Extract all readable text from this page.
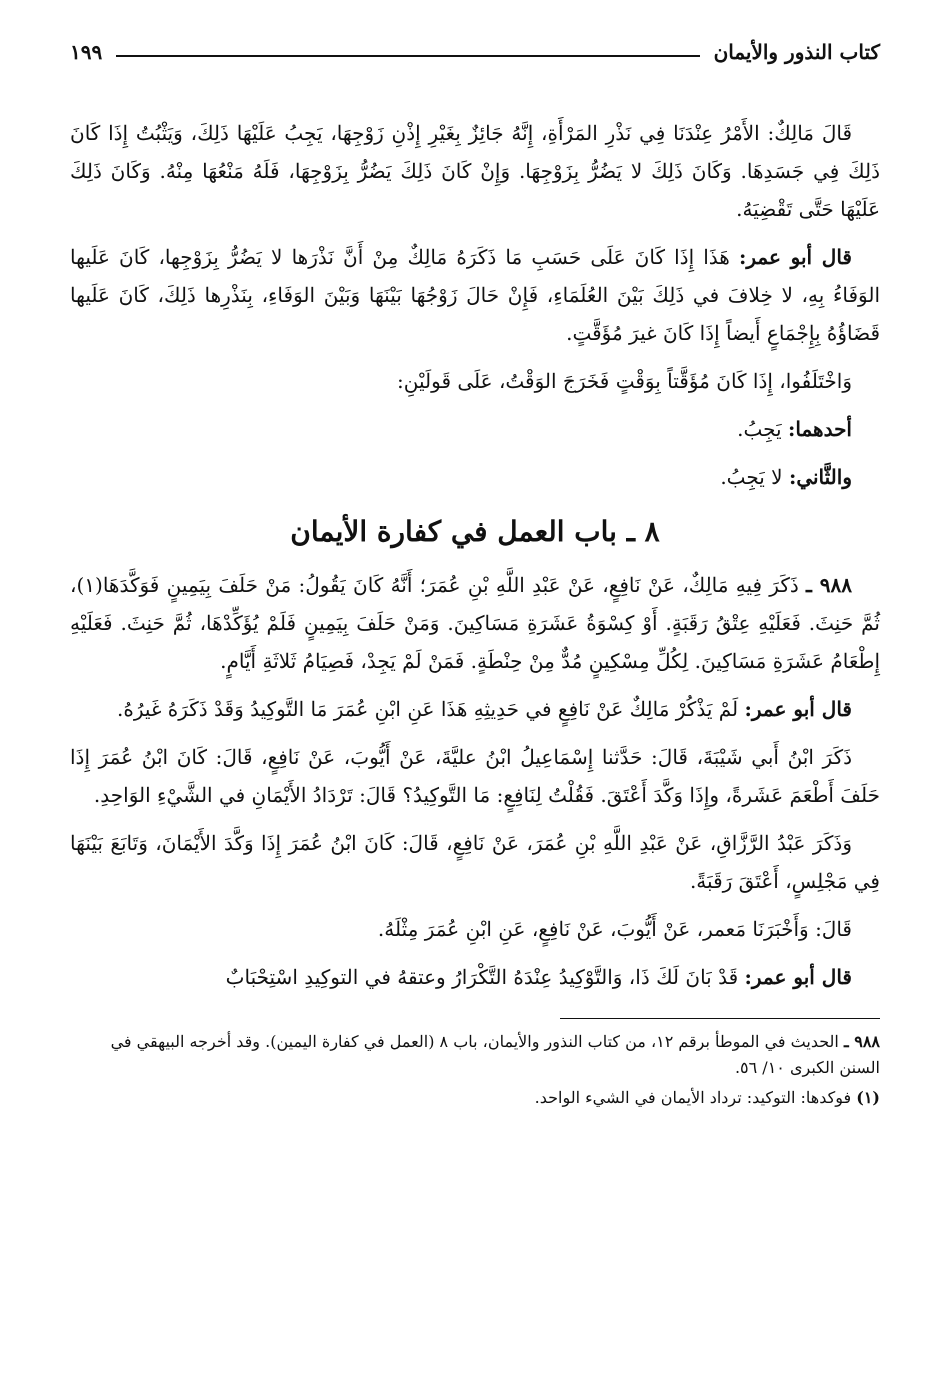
كتاب النذور والأيمان
١٩٩

قَالَ مَالِكٌ: الأَمْرُ عِنْدَنَا فِي نَذْرِ المَرْأَةِ، إِنَّهُ جَائِزٌ بِغَيْرِ إِذْنِ زَوْجِهَا، يَجِبُ عَلَيْهَا ذَلِكَ، وَيَثْبُتُ إِذَا كَانَ ذَلِكَ فِي جَسَدِهَا. وَكَانَ ذَلِكَ لا يَضُرُّ بِزَوْجِهَا. وَإِنْ كَانَ ذَلِكَ يَضُرُّ بِزَوْجِهَا، فَلَهُ مَنْعُهَا مِنْهُ. وَكَانَ ذَلِكَ عَلَيْهَا حَتَّى تَقْضِيَهُ.

قال أبو عمر: هَذَا إِذَا كَانَ عَلَى حَسَبِ مَا ذَكَرَهُ مَالِكٌ مِنْ أَنَّ نَذْرَها لا يَضُرُّ بِزَوْجِها، كَانَ عَلَيها الوَفَاءُ بِهِ، لا خِلافَ في ذَلِكَ بَيْنَ العُلَمَاءِ، فَإِنْ حَالَ زَوْجُهَا بَيْنَهَا وَبَيْنَ الوَفَاءِ، بِنَذْرِها ذَلِكَ، كَانَ عَلَيها قَضَاؤُهُ بِإِجْمَاعٍ أَيضاً إِذَا كَانَ غيرَ مُؤَقَّتٍ.

وَاخْتَلَفُوا، إِذَا كَانَ مُؤَقَّتاً بِوَقْتٍ فَخَرَجَ الوَقْتُ، عَلَى قَولَيْنِ:

أحدهما: يَجِبُ.

والثَّاني: لا يَجِبُ.

٨ ـ باب العمل في كفارة الأيمان

٩٨٨ ـ ذَكَرَ فِيهِ مَالِكٌ، عَنْ نَافِعٍ، عَنْ عَبْدِ اللَّهِ بْنِ عُمَرَ؛ أَنَّهُ كَانَ يَقُولُ: مَنْ حَلَفَ بِيَمِينٍ فَوَكَّدَهَا(١)، ثُمَّ حَنِثَ. فَعَلَيْهِ عِتْقُ رَقَبَةٍ. أَوْ كِسْوَةُ عَشَرَةِ مَسَاكِينَ. وَمَنْ حَلَفَ بِيَمِينٍ فَلَمْ يُؤَكِّدْهَا، ثُمَّ حَنِثَ. فَعَلَيْهِ إِطْعَامُ عَشَرَةِ مَسَاكِينَ. لِكُلِّ مِسْكِينٍ مُدٌّ مِنْ حِنْطَةٍ. فَمَنْ لَمْ يَجِدْ، فَصِيَامُ ثَلاثَةِ أَيَّامٍ.

قال أبو عمر: لَمْ يَذْكُرْ مَالِكٌ عَنْ نَافِعٍ في حَدِيثِهِ هَذَا عَنِ ابْنِ عُمَرَ مَا التَّوكِيدُ وَقَدْ ذَكَرَهُ غَيرُهُ.

ذَكَرَ ابْنُ أَبي شَيْبَةَ، قَالَ: حَدَّثنا إِسْمَاعِيلُ ابْنُ عليَّةَ، عَنْ أَيُّوبَ، عَنْ نَافِعٍ، قَالَ: كَانَ ابْنُ عُمَرَ إِذَا حَلَفَ أَطْعَمَ عَشَرةً، وإِذَا وَكَّدَ أَعْتَقَ. فَقُلْتُ لِنَافِعٍ: مَا التَّوكِيدُ؟ قَالَ: تَرْدَادُ الأَيْمَانِ في الشَّيْءِ الوَاحِدِ.

وَذَكَرَ عَبْدُ الرَّزَّاقِ، عَنْ عَبْدِ اللَّهِ بْنِ عُمَرَ، عَنْ نَافِعٍ، قَالَ: كَانَ ابْنُ عُمَرَ إِذَا وَكَّدَ الأَيْمَانَ، وَتَابَعَ بَيْنَهَا فِي مَجْلِسٍ، أَعْتَقَ رَقَبَةً.

قَالَ: وَأَخْبَرَنَا مَعمر، عَنْ أَيُّوبَ، عَنْ نَافِعٍ، عَنِ ابْنِ عُمَرَ مِثْلَهُ.

قال أبو عمر: قَدْ بَانَ لَكَ ذَا، وَالتَّوْكِيدُ عِنْدَهُ التَّكْرَارُ وعتقهُ في التوكِيدِ اسْتِحْبَابٌ

٩٨٨ ـ الحديث في الموطأ برقم ١٢، من كتاب النذور والأيمان، باب ٨ (العمل في كفارة اليمين). وقد أخرجه البيهقي في السنن الكبرى ١٠/ ٥٦.

(١) فوكدها: التوكيد: ترداد الأيمان في الشيء الواحد.
